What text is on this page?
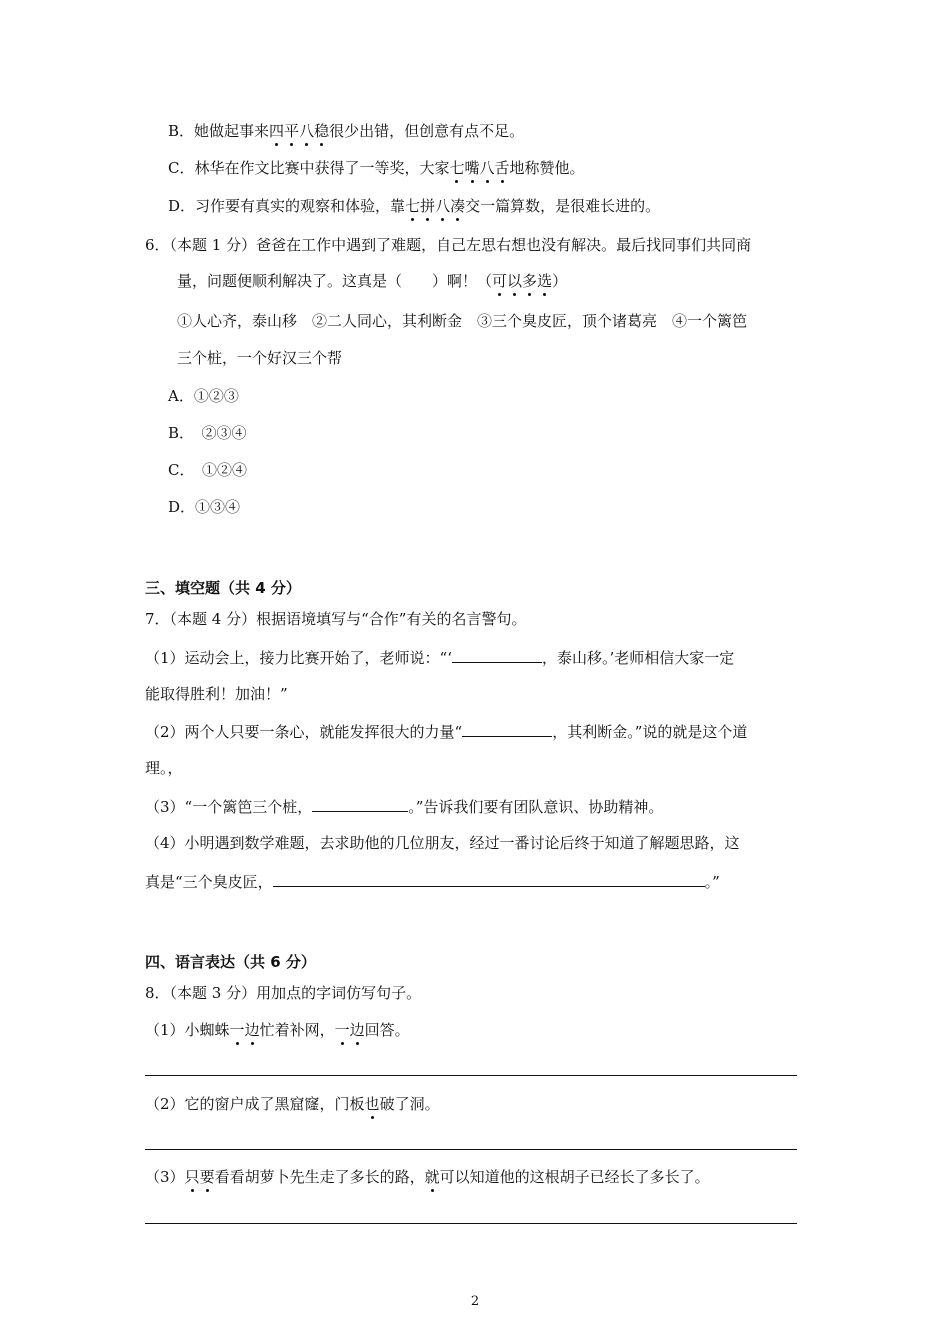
B．她做起事来四平八稳很少出错，但创意有点不足。
C．林华在作文比赛中获得了一等奖，大家七嘴八舌地称赞他。
D．习作要有真实的观察和体验，靠七拼八凑交一篇算数，是很难长进的。
6．（本题 1 分）爸爸在工作中遇到了难题，自己左思右想也没有解决。最后找同事们共同商
量，问题便顺利解决了。这真是（　　）啊！（可以多选）
①人心齐，泰山移　②二人同心，其利断金　③三个臭皮匠，顶个诸葛亮　④一个篱笆
三个桩，一个好汉三个帮
A．①②③
B．　②③④
C．　①②④
D．①③④
三、填空题（共 4 分）
7．（本题 4 分）根据语境填写与“合作”有关的名言警句。
（1）运动会上，接力比赛开始了，老师说：“‘	，泰山移。’老师相信大家一定
能取得胜利！加油！”
（2）两个人只要一条心，就能发挥很大的力量“	，其利断金。”说的就是这个道
理。，
（3）“一个篱笆三个桩，	。”告诉我们要有团队意识、协助精神。
（4）小明遇到数学难题，去求助他的几位朋友，经过一番讨论后终于知道了解题思路，这
真是“三个臭皮匠，	。”
四、语言表达（共 6 分）
8．（本题 3 分）用加点的字词仿写句子。
（1）小蜘蛛一边忙着补网，一边回答。
（2）它的窗户成了黑窟窿，门板也破了洞。
（3）只要看看胡萝卜先生走了多长的路，就可以知道他的这根胡子已经长了多长了。
2
